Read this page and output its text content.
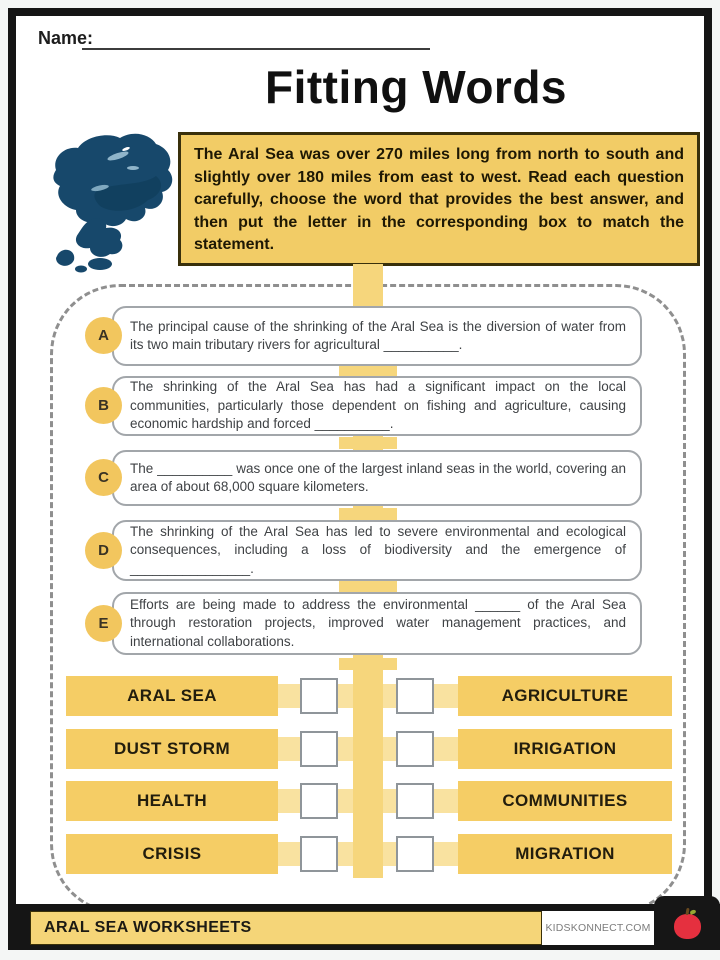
Name:
Fitting Words
The Aral Sea was over 270 miles long from north to south and slightly over 180 miles from east to west. Read each question carefully, choose the word that provides the best answer, and then put the letter in the corresponding box to match the statement.
The principal cause of the shrinking of the Aral Sea is the diversion of water from its two main tributary rivers for agricultural __________.
A
The shrinking of the Aral Sea has had a significant impact on the local communities, particularly those dependent on fishing and agriculture, causing economic hardship and forced __________.
B
The __________ was once one of the largest inland seas in the world, covering an area of about 68,000 square kilometers.
C
The shrinking of the Aral Sea has led to severe environmental and ecological consequences, including a loss of biodiversity and the emergence of ________________.
D
Efforts are being made to address the environmental ______ of the Aral Sea through restoration projects, improved water management practices, and international collaborations.
E
ARAL SEA	AGRICULTURE
DUST STORM	IRRIGATION
HEALTH	COMMUNITIES
CRISIS	MIGRATION
ARAL SEA WORKSHEETS	KIDSKONNECT.COM
